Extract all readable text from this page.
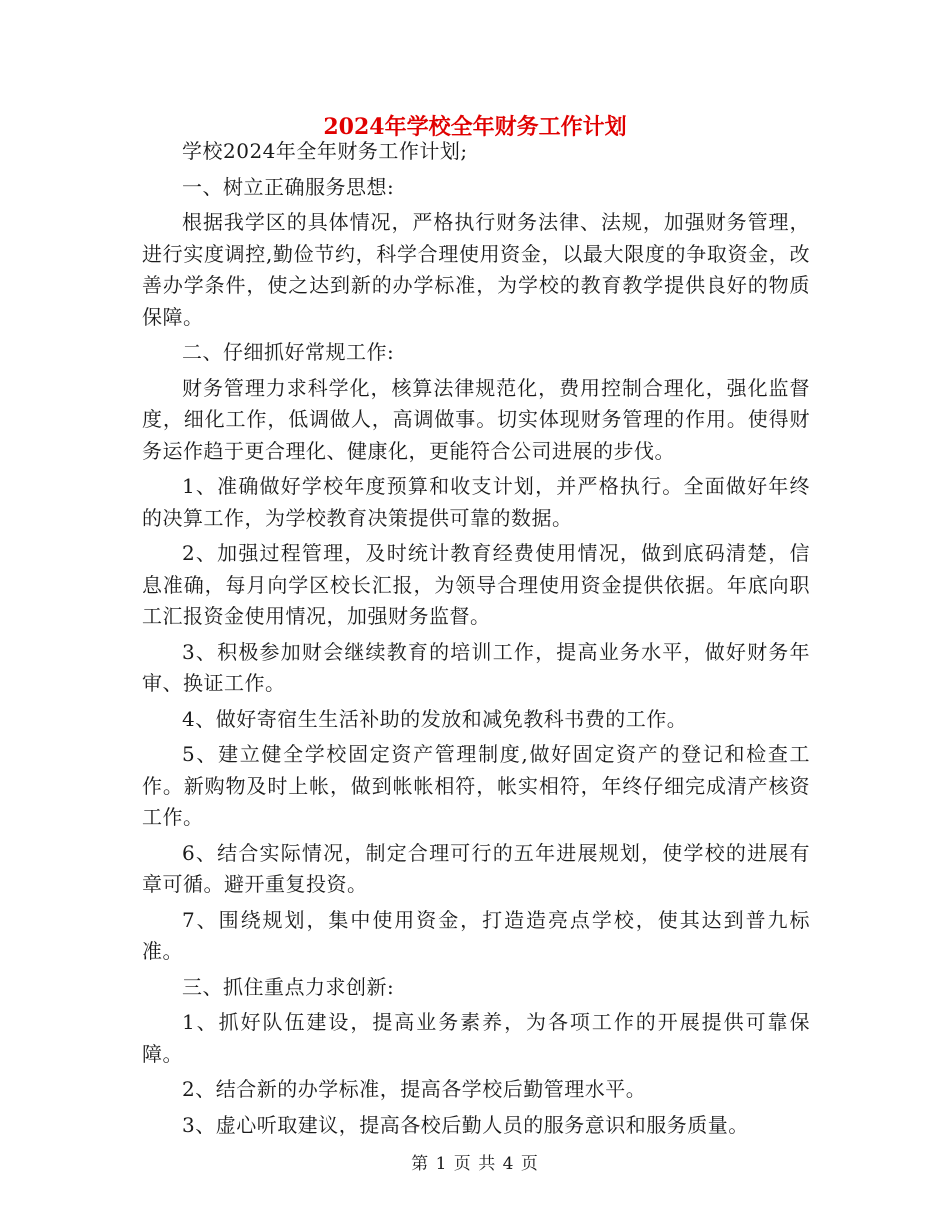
2024年学校全年财务工作计划

学校2024年全年财务工作计划;

一、树立正确服务思想:

根据我学区的具体情况，严格执行财务法律、法规，加强财务管理，进行实度调控,勤俭节约，科学合理使用资金，以最大限度的争取资金，改善办学条件，使之达到新的办学标准，为学校的教育教学提供良好的物质保障。

二、仔细抓好常规工作:

财务管理力求科学化，核算法律规范化，费用控制合理化，强化监督度，细化工作，低调做人，高调做事。切实体现财务管理的作用。使得财务运作趋于更合理化、健康化，更能符合公司进展的步伐。

1、准确做好学校年度预算和收支计划，并严格执行。全面做好年终的决算工作，为学校教育决策提供可靠的数据。

2、加强过程管理，及时统计教育经费使用情况，做到底码清楚，信息准确，每月向学区校长汇报，为领导合理使用资金提供依据。年底向职工汇报资金使用情况，加强财务监督。

3、积极参加财会继续教育的培训工作，提高业务水平，做好财务年审、换证工作。

4、做好寄宿生生活补助的发放和减免教科书费的工作。

5、建立健全学校固定资产管理制度,做好固定资产的登记和检查工作。新购物及时上帐，做到帐帐相符，帐实相符，年终仔细完成清产核资工作。

6、结合实际情况，制定合理可行的五年进展规划，使学校的进展有章可循。避开重复投资。

7、围绕规划，集中使用资金，打造造亮点学校，使其达到普九标准。

三、抓住重点力求创新:

1、抓好队伍建设，提高业务素养，为各项工作的开展提供可靠保障。

2、结合新的办学标准，提高各学校后勤管理水平。

3、虚心听取建议，提高各校后勤人员的服务意识和服务质量。

第 1 页 共 4 页
